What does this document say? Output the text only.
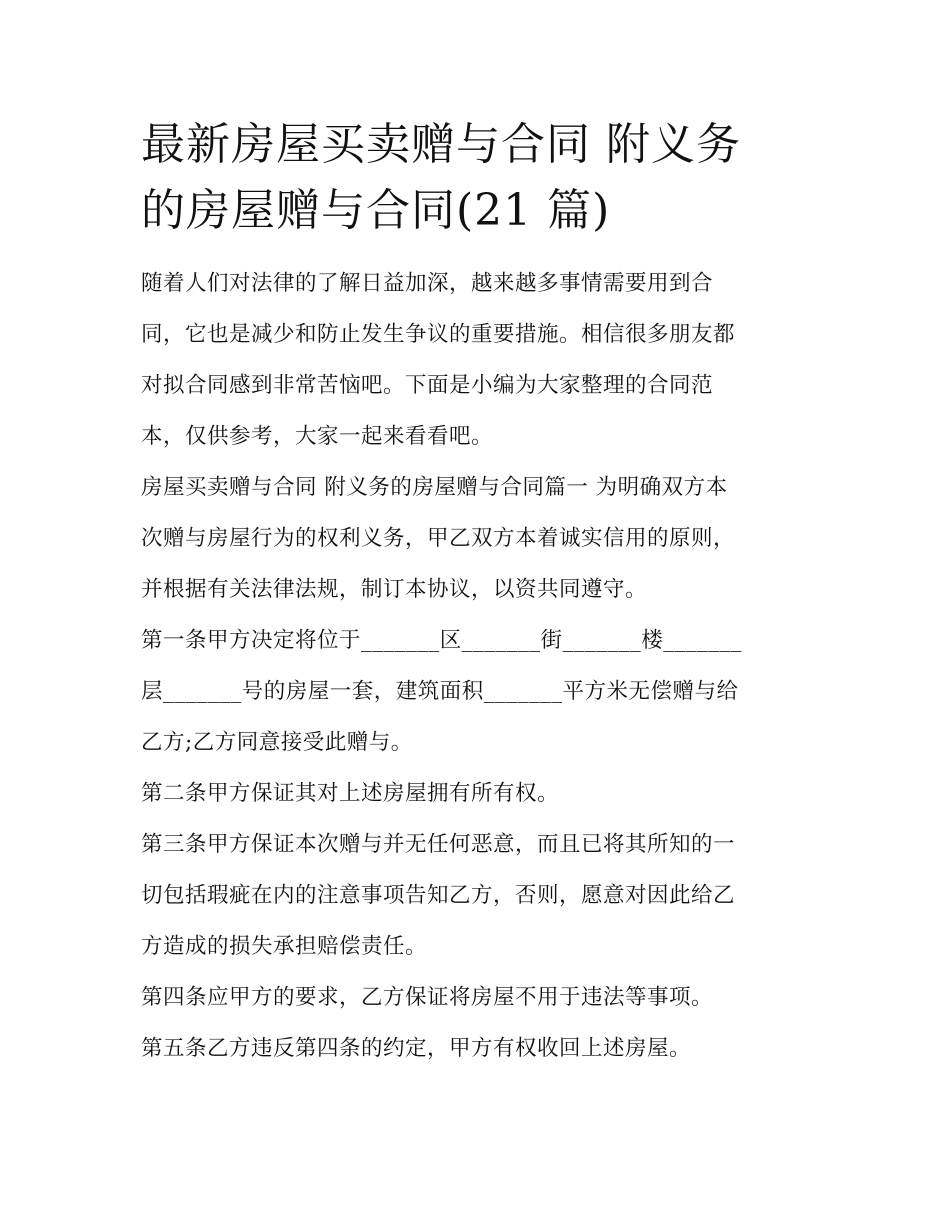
最新房屋买卖赠与合同 附义务
的房屋赠与合同(21 篇)

随着人们对法律的了解日益加深，越来越多事情需要用到合
同，它也是减少和防止发生争议的重要措施。相信很多朋友都
对拟合同感到非常苦恼吧。下面是小编为大家整理的合同范
本，仅供参考，大家一起来看看吧。

房屋买卖赠与合同 附义务的房屋赠与合同篇一 为明确双方本
次赠与房屋行为的权利义务，甲乙双方本着诚实信用的原则，
并根据有关法律法规，制订本协议，以资共同遵守。

第一条甲方决定将位于_______区_______街_______楼_______
层_______号的房屋一套，建筑面积_______平方米无偿赠与给
乙方;乙方同意接受此赠与。

第二条甲方保证其对上述房屋拥有所有权。

第三条甲方保证本次赠与并无任何恶意，而且已将其所知的一
切包括瑕疵在内的注意事项告知乙方，否则，愿意对因此给乙
方造成的损失承担赔偿责任。

第四条应甲方的要求，乙方保证将房屋不用于违法等事项。

第五条乙方违反第四条的约定，甲方有权收回上述房屋。
